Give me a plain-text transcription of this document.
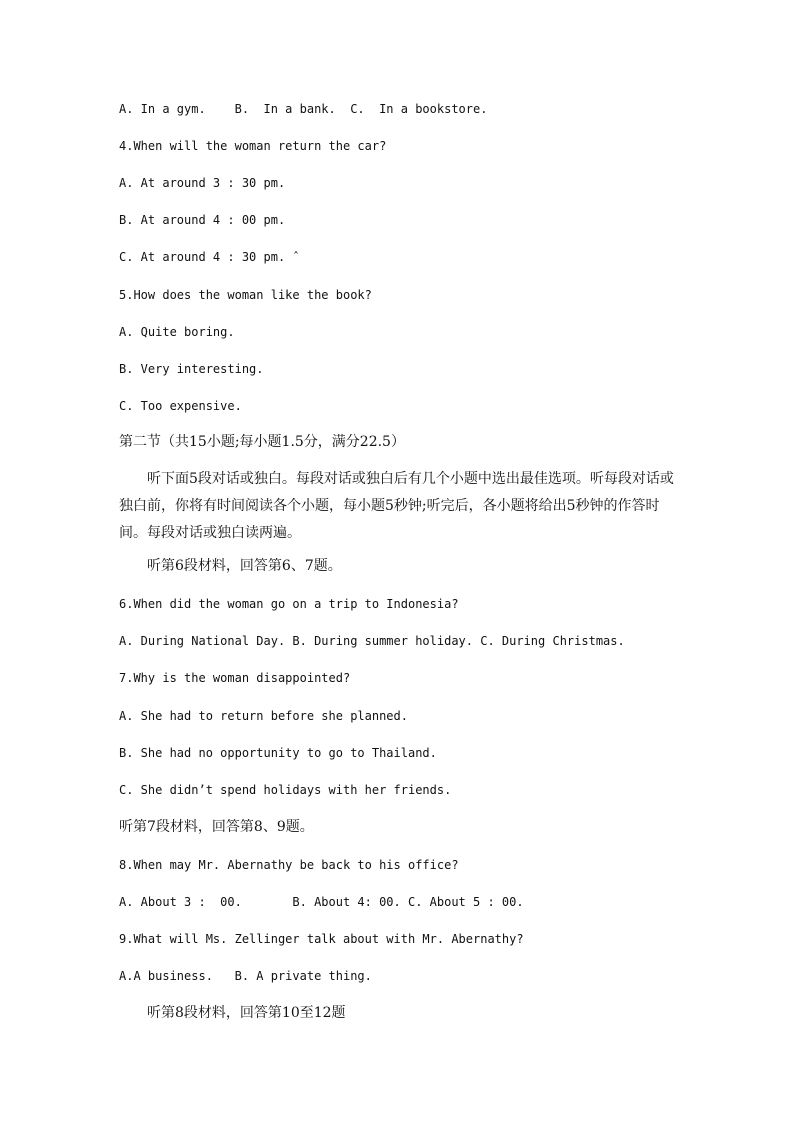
A. In a gym.    B.  In a bank.  C.  In a bookstore.
4.When will the woman return the car?
A. At around 3 : 30 pm.
B. At around 4 : 00 pm.
C. At around 4 : 30 pm. ˆ
5.How does the woman like the book?
A. Quite boring.
B. Very interesting.
C. Too expensive.
第二节（共15小题;每小题1.5分，满分22.5）
听下面5段对话或独白。每段对话或独白后有几个小题中选出最佳选项。听每段对话或独白前，你将有时间阅读各个小题，每小题5秒钟;听完后，各小题将给出5秒钟的作答时间。每段对话或独白读两遍。
听第6段材料，回答第6、7题。
6.When did the woman go on a trip to Indonesia?
A. During National Day. B. During summer holiday. C. During Christmas.
7.Why is the woman disappointed?
A. She had to return before she planned.
B. She had no opportunity to go to Thailand.
C. She didn’t spend holidays with her friends.
听第7段材料，回答第8、9题。
8.When may Mr. Abernathy be back to his office?
A. About 3 :  00.       B. About 4: 00. C. About 5 : 00.
9.What will Ms. Zellinger talk about with Mr. Abernathy?
A.A business.   B. A private thing.
听第8段材料，回答第10至12题
